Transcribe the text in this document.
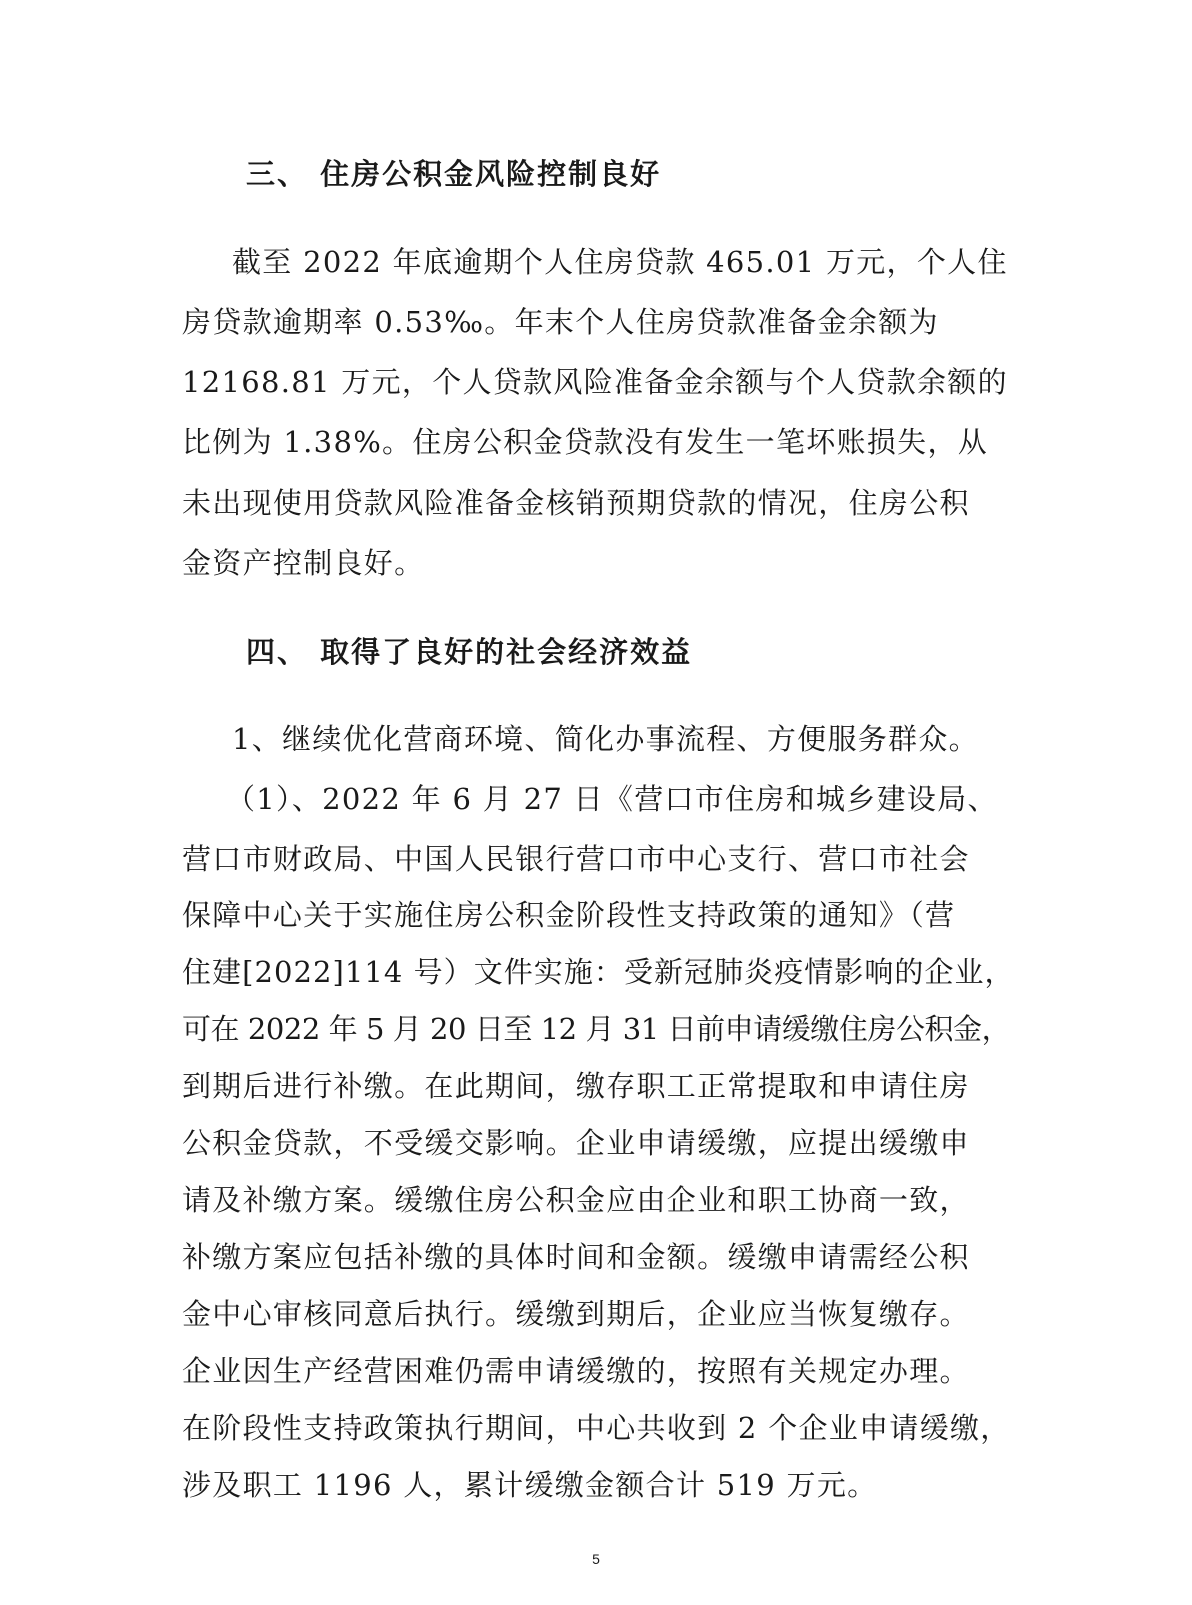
三、 住房公积金风险控制良好
截至 2022 年底逾期个人住房贷款 465.01 万元，个人住
房贷款逾期率 0.53‰。年末个人住房贷款准备金余额为
12168.81 万元，个人贷款风险准备金余额与个人贷款余额的
比例为 1.38%。住房公积金贷款没有发生一笔坏账损失，从
未出现使用贷款风险准备金核销预期贷款的情况，住房公积
金资产控制良好。
四、 取得了良好的社会经济效益
1、继续优化营商环境、简化办事流程、方便服务群众。
（1）、2022 年 6 月 27 日《营口市住房和城乡建设局、
营口市财政局、中国人民银行营口市中心支行、营口市社会
保障中心关于实施住房公积金阶段性支持政策的通知》（营
住建[2022]114 号）文件实施：受新冠肺炎疫情影响的企业，
可在 2022 年 5 月 20 日至 12 月 31 日前申请缓缴住房公积金，
到期后进行补缴。在此期间，缴存职工正常提取和申请住房
公积金贷款，不受缓交影响。企业申请缓缴，应提出缓缴申
请及补缴方案。缓缴住房公积金应由企业和职工协商一致，
补缴方案应包括补缴的具体时间和金额。缓缴申请需经公积
金中心审核同意后执行。缓缴到期后，企业应当恢复缴存。
企业因生产经营困难仍需申请缓缴的，按照有关规定办理。
在阶段性支持政策执行期间，中心共收到 2 个企业申请缓缴，
涉及职工 1196 人，累计缓缴金额合计 519 万元。
5
